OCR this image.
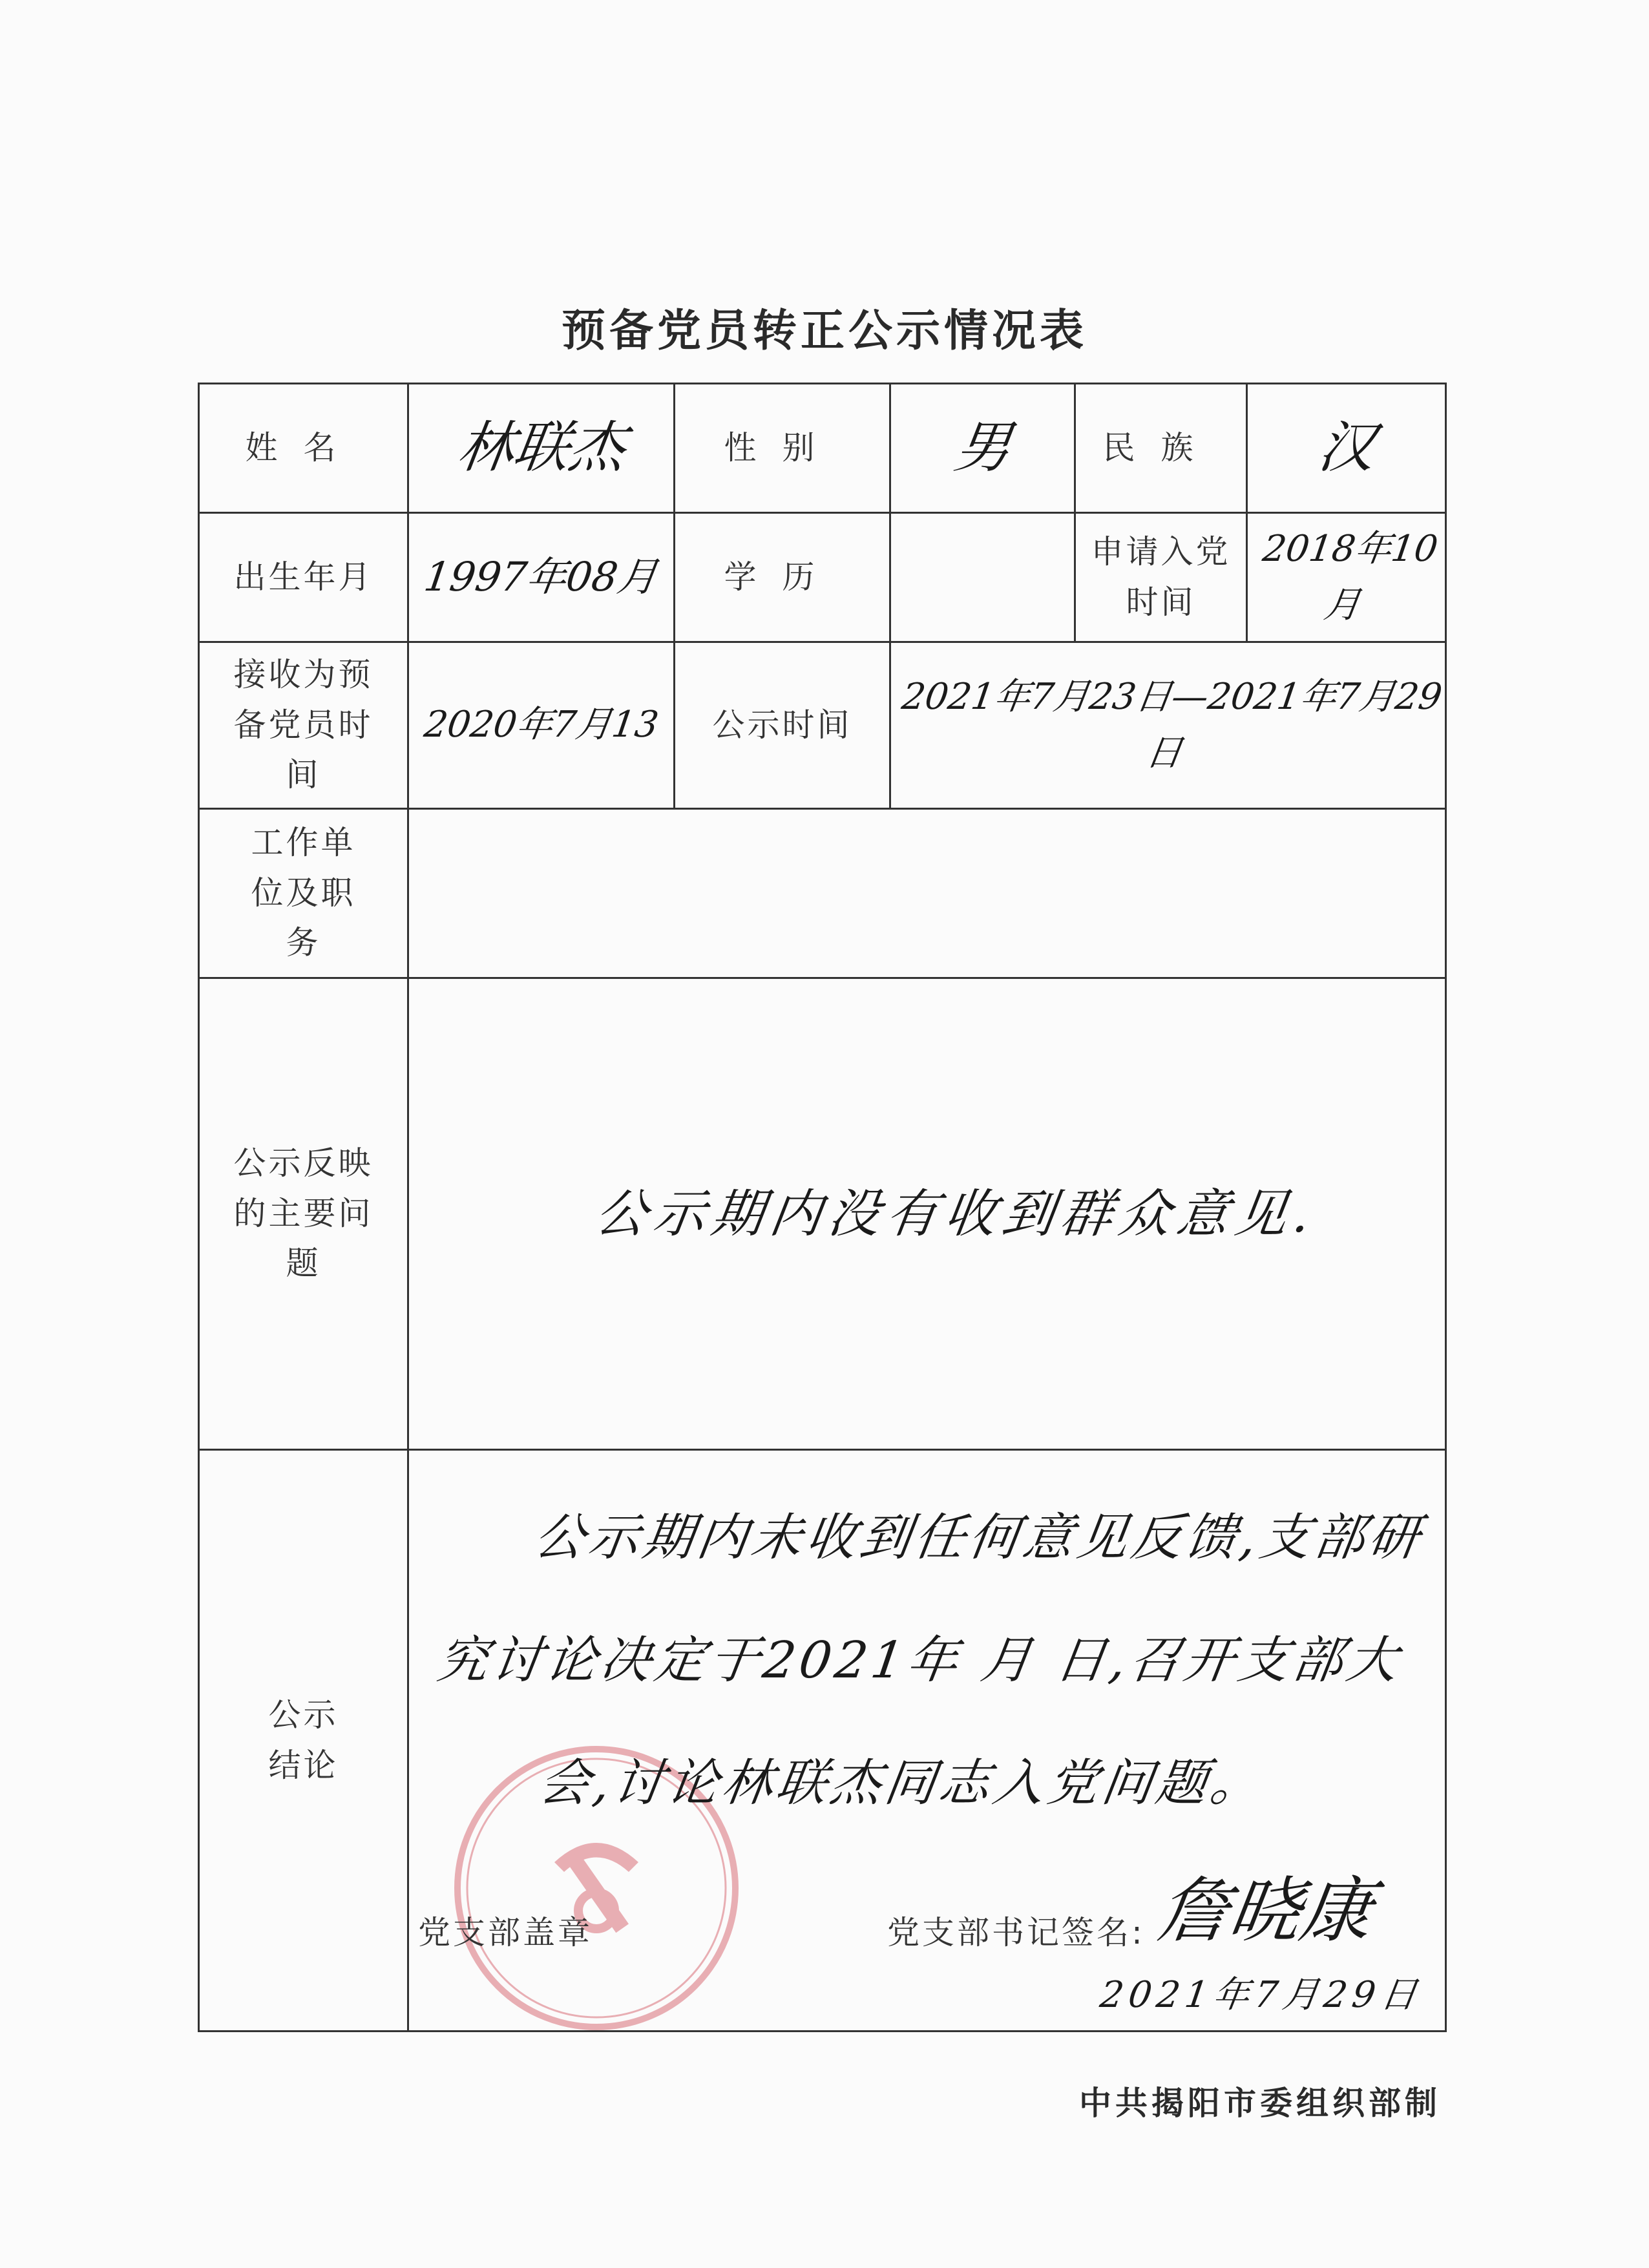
预备党员转正公示情况表
姓名	林联杰	性别	男	民族	汉
出生年月	1997年08月	学历		申请入党时间	2018年10月

接收为预备党员时间	2020年7月13	公示时间	2021年7月23日—2021年7月29日		

工作单位及职务					

公示反映的主要问题	公示期内没有收到群众意见.				

公示结论	公示期内未收到任何意见反馈,支部研究讨论决定于2021年 月 日,召开支部大会,讨论林联杰同志入党问题。
党支部盖章 党支部书记签名: 詹晓康
2021年7月29日				
中共揭阳市委组织部制
